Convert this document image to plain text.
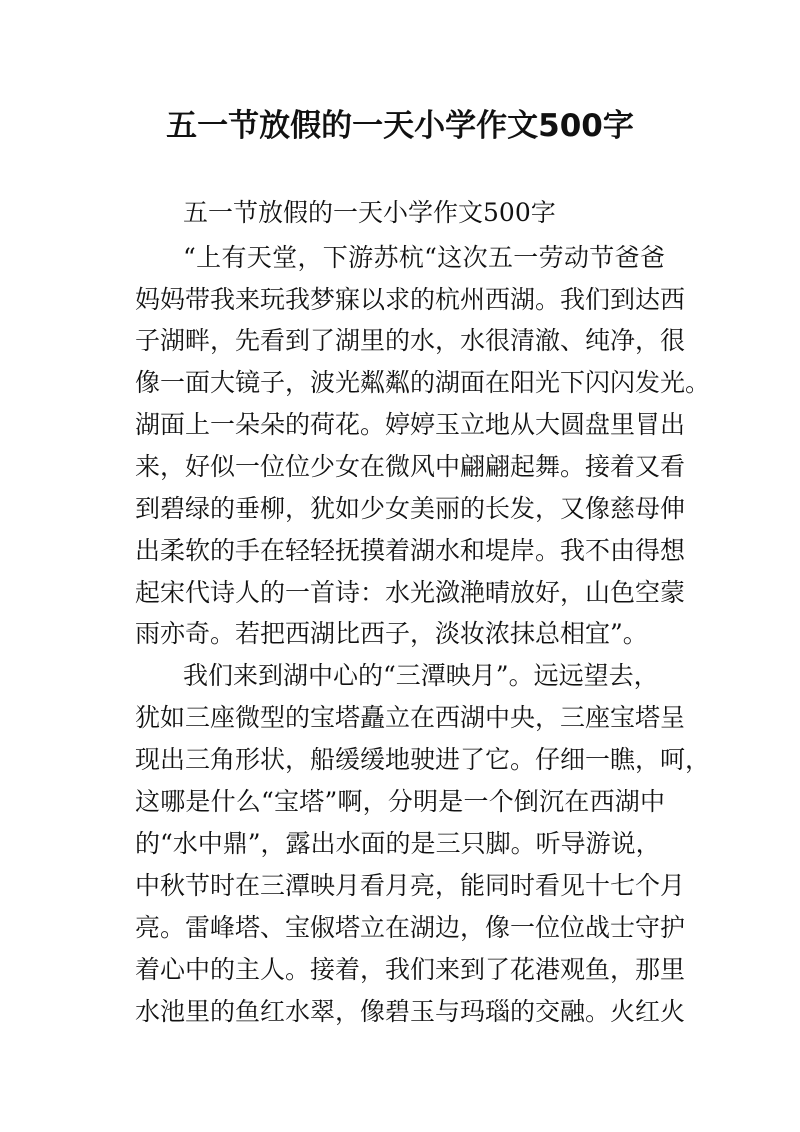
五一节放假的一天小学作文500字
五一节放假的一天小学作文500字
“上有天堂，下游苏杭“这次五一劳动节爸爸
妈妈带我来玩我梦寐以求的杭州西湖。我们到达西
子湖畔，先看到了湖里的水，水很清澈、纯净，很
像一面大镜子，波光粼粼的湖面在阳光下闪闪发光。
湖面上一朵朵的荷花。婷婷玉立地从大圆盘里冒出
来，好似一位位少女在微风中翩翩起舞。接着又看
到碧绿的垂柳，犹如少女美丽的长发，又像慈母伸
出柔软的手在轻轻抚摸着湖水和堤岸。我不由得想
起宋代诗人的一首诗：水光潋滟晴放好，山色空蒙
雨亦奇。若把西湖比西子，淡妆浓抹总相宜”。
我们来到湖中心的“三潭映月”。远远望去，
犹如三座微型的宝塔矗立在西湖中央，三座宝塔呈
现出三角形状，船缓缓地驶进了它。仔细一瞧，呵，
这哪是什么“宝塔”啊，分明是一个倒沉在西湖中
的“水中鼎”，露出水面的是三只脚。听导游说，
中秋节时在三潭映月看月亮，能同时看见十七个月
亮。雷峰塔、宝俶塔立在湖边，像一位位战士守护
着心中的主人。接着，我们来到了花港观鱼，那里
水池里的鱼红水翠，像碧玉与玛瑙的交融。火红火
